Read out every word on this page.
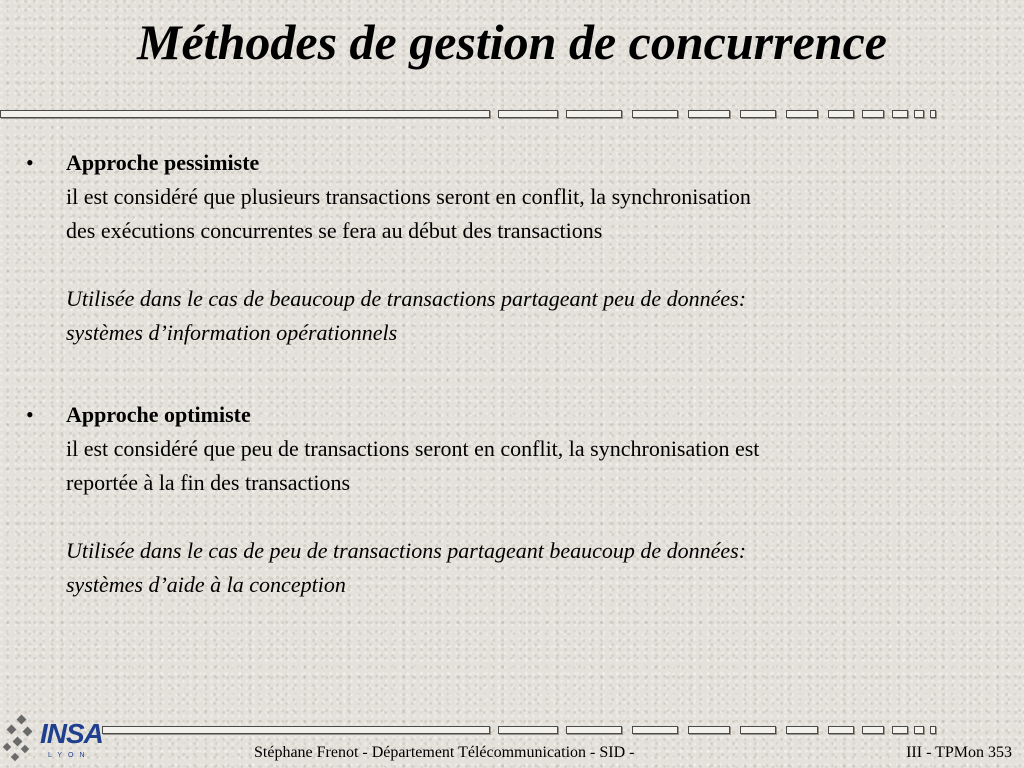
Méthodes de gestion de concurrence
• Approche pessimiste
il est considéré que plusieurs transactions seront en conflit, la synchronisation
des exécutions concurrentes se fera au début des transactions
Utilisée dans le cas de beaucoup de transactions partageant peu de données:
systèmes d’information opérationnels
• Approche optimiste
il est considéré que peu de transactions seront en conflit, la synchronisation est
reportée à la fin des transactions
Utilisée dans le cas de peu de transactions partageant beaucoup de données:
systèmes d’aide à la conception
INSA
LYON	Stéphane Frenot - Département Télécommunication - SID -	III - TPMon 353
